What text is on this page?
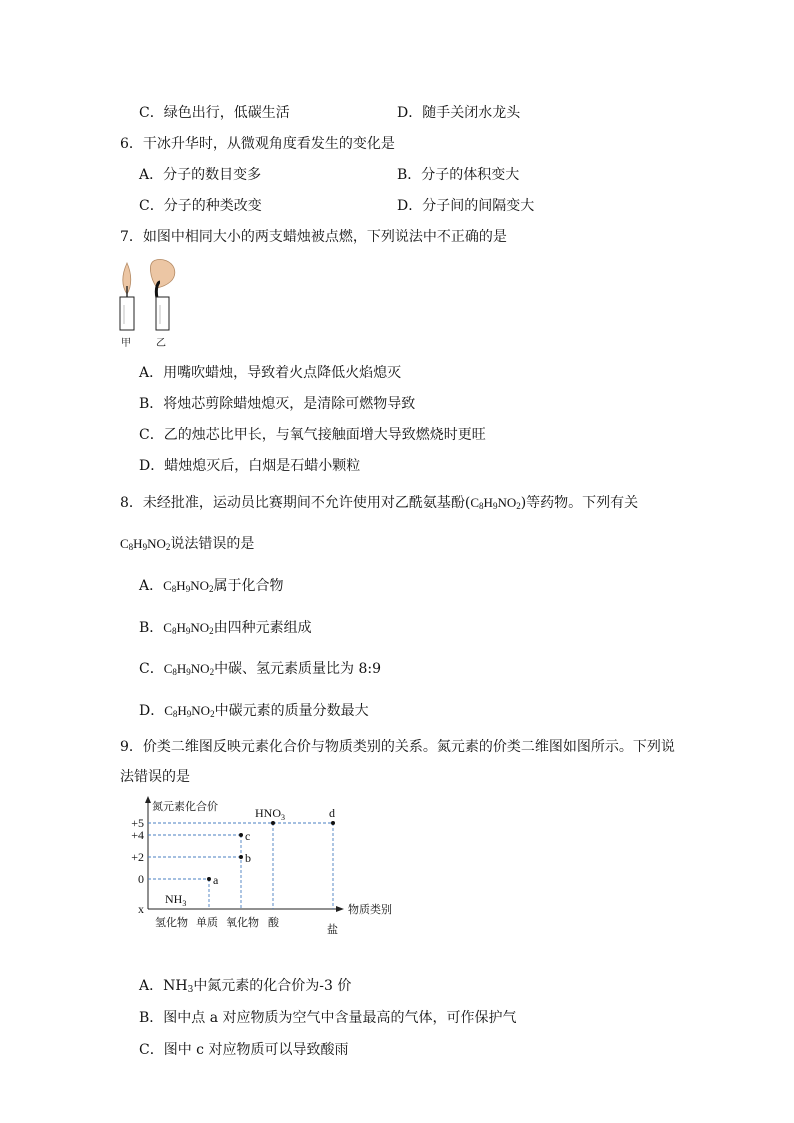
C．绿色出行，低碳生活	D．随手关闭水龙头
6．干冰升华时，从微观角度看发生的变化是
A．分子的数目变多	B．分子的体积变大
C．分子的种类改变	D．分子间的间隔变大
7．如图中相同大小的两支蜡烛被点燃，下列说法中不正确的是
甲	乙
A．用嘴吹蜡烛，导致着火点降低火焰熄灭
B．将烛芯剪除蜡烛熄灭，是清除可燃物导致
C．乙的烛芯比甲长，与氧气接触面增大导致燃烧时更旺
D．蜡烛熄灭后，白烟是石蜡小颗粒
8．未经批准，运动员比赛期间不允许使用对乙酰氨基酚$(C_8H_9NO_2)$等药物。下列有关
$C_8H_9NO_2$说法错误的是
A．$C_8H_9NO_2$属于化合物
B．$C_8H_9NO_2$由四种元素组成
C．$C_8H_9NO_2$中碳、氢元素质量比为 8:9
D．$C_8H_9NO_2$中碳元素的质量分数最大
9．价类二维图反映元素化合价与物质类别的关系。氮元素的价类二维图如图所示。下列说
法错误的是
a
b
c
d
$HNO_3$
$NH_3$
氮元素化合价
物质类别
+5
+4
+2
0
x
氢化物 单质 氧化物 酸
盐
A．$NH_3$中氮元素的化合价为-3 价
B．图中点 a 对应物质为空气中含量最高的气体，可作保护气
C．图中 c 对应物质可以导致酸雨
